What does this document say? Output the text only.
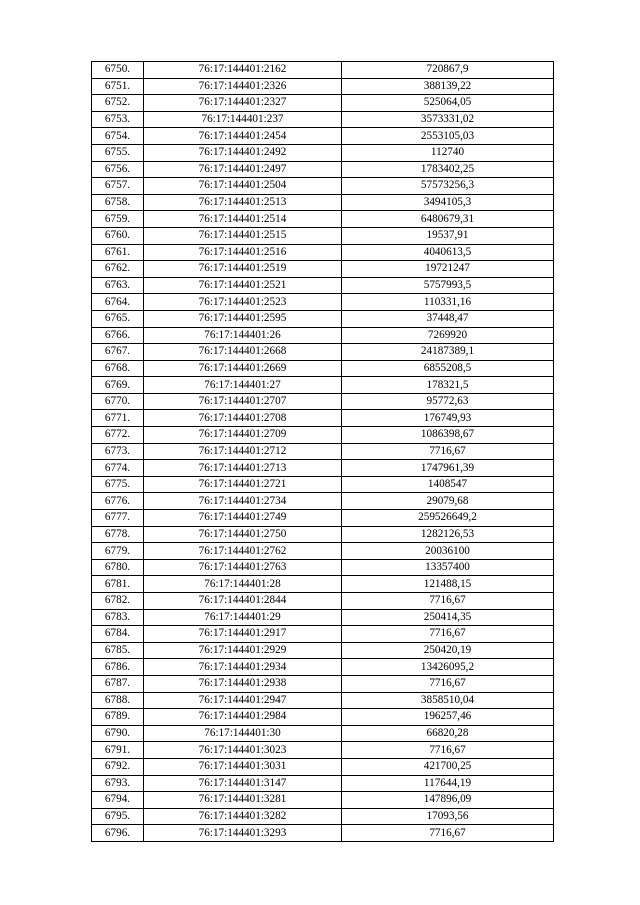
6750.	76:17:144401:2162	720867,9
6751.	76:17:144401:2326	388139,22
6752.	76:17:144401:2327	525064,05
6753.	76:17:144401:237	3573331,02
6754.	76:17:144401:2454	2553105,03
6755.	76:17:144401:2492	112740
6756.	76:17:144401:2497	1783402,25
6757.	76:17:144401:2504	57573256,3
6758.	76:17:144401:2513	3494105,3
6759.	76:17:144401:2514	6480679,31
6760.	76:17:144401:2515	19537,91
6761.	76:17:144401:2516	4040613,5
6762.	76:17:144401:2519	19721247
6763.	76:17:144401:2521	5757993,5
6764.	76:17:144401:2523	110331,16
6765.	76:17:144401:2595	37448,47
6766.	76:17:144401:26	7269920
6767.	76:17:144401:2668	24187389,1
6768.	76:17:144401:2669	6855208,5
6769.	76:17:144401:27	178321,5
6770.	76:17:144401:2707	95772,63
6771.	76:17:144401:2708	176749,93
6772.	76:17:144401:2709	1086398,67
6773.	76:17:144401:2712	7716,67
6774.	76:17:144401:2713	1747961,39
6775.	76:17:144401:2721	1408547
6776.	76:17:144401:2734	29079,68
6777.	76:17:144401:2749	259526649,2
6778.	76:17:144401:2750	1282126,53
6779.	76:17:144401:2762	20036100
6780.	76:17:144401:2763	13357400
6781.	76:17:144401:28	121488,15
6782.	76:17:144401:2844	7716,67
6783.	76:17:144401:29	250414,35
6784.	76:17:144401:2917	7716,67
6785.	76:17:144401:2929	250420,19
6786.	76:17:144401:2934	13426095,2
6787.	76:17:144401:2938	7716,67
6788.	76:17:144401:2947	3858510,04
6789.	76:17:144401:2984	196257,46
6790.	76:17:144401:30	66820,28
6791.	76:17:144401:3023	7716,67
6792.	76:17:144401:3031	421700,25
6793.	76:17:144401:3147	117644,19
6794.	76:17:144401:3281	147896,09
6795.	76:17:144401:3282	17093,56
6796.	76:17:144401:3293	7716,67
